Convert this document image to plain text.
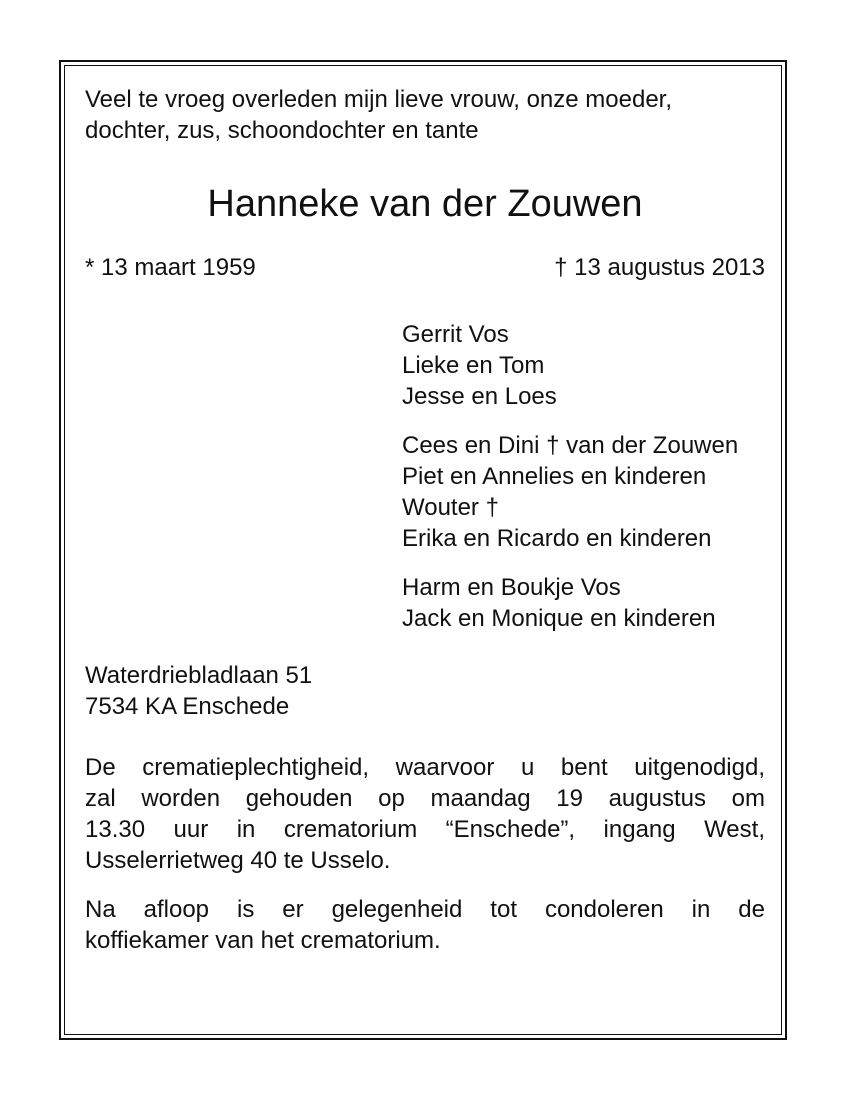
Veel te vroeg overleden mijn lieve vrouw, onze moeder,
dochter, zus, schoondochter en tante
Hanneke van der Zouwen
* 13 maart 1959	† 13 augustus 2013
Gerrit Vos
Lieke en Tom
Jesse en Loes
Cees en Dini † van der Zouwen
Piet en Annelies en kinderen
Wouter †
Erika en Ricardo en kinderen
Harm en Boukje Vos
Jack en Monique en kinderen
Waterdriebladlaan 51
7534 KA Enschede
De crematieplechtigheid, waarvoor u bent uitgenodigd,
zal worden gehouden op maandag 19 augustus om
13.30 uur in crematorium “Enschede”, ingang West,
Usselerrietweg 40 te Usselo.
Na afloop is er gelegenheid tot condoleren in de
koffiekamer van het crematorium.
